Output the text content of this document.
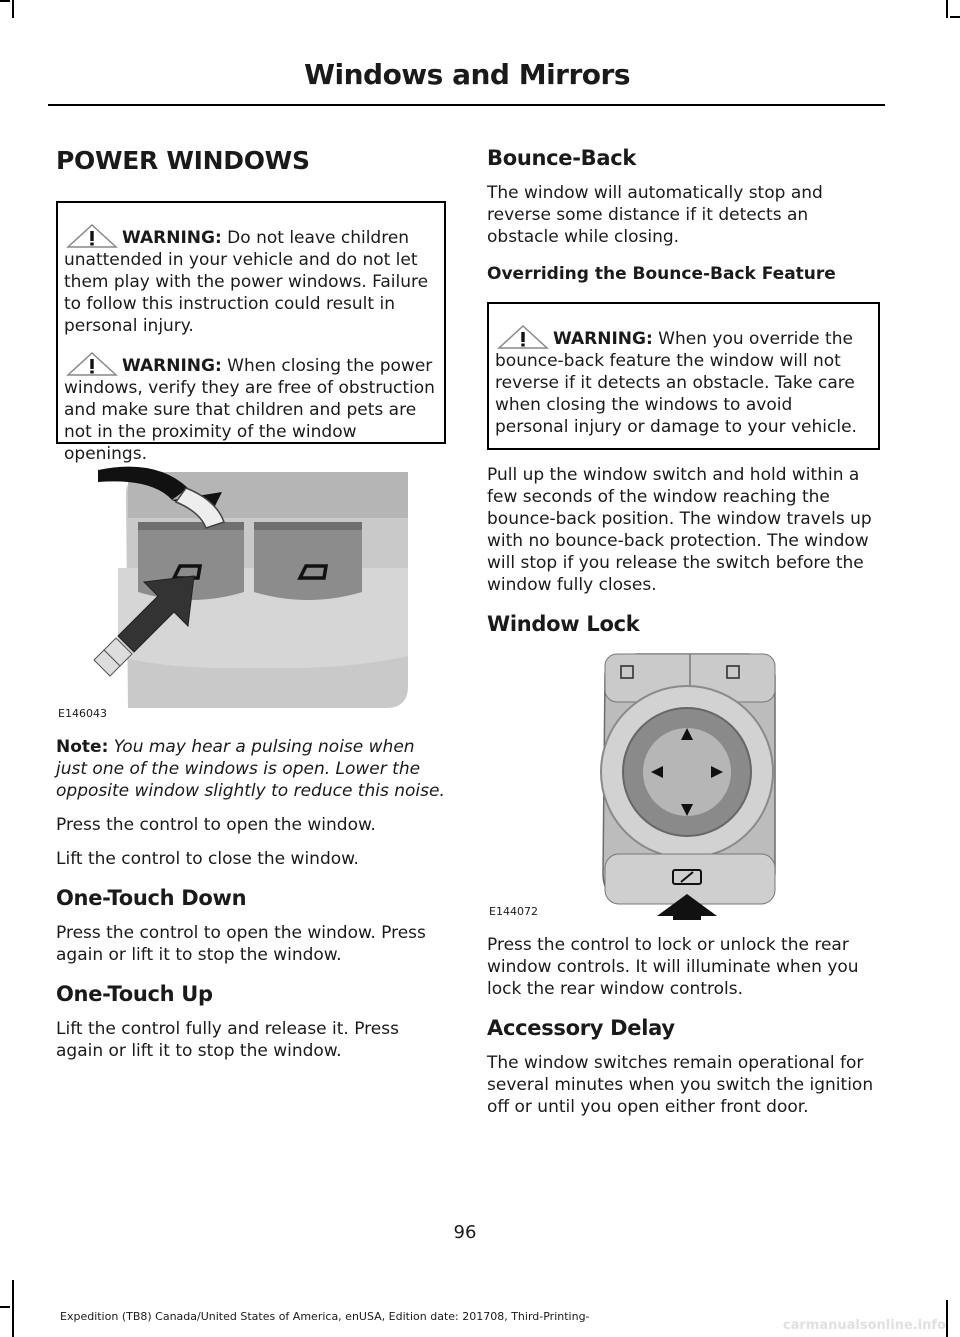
Windows and Mirrors
POWER WINDOWS
WARNING: Do not leave children unattended in your vehicle and do not let them play with the power windows. Failure to follow this instruction could result in personal injury.
WARNING: When closing the power windows, verify they are free of obstruction and make sure that children and pets are not in the proximity of the window openings.
E146043

Note: You may hear a pulsing noise when just one of the windows is open. Lower the opposite window slightly to reduce this noise.

Press the control to open the window.

Lift the control to close the window.

One-Touch Down

Press the control to open the window. Press again or lift it to stop the window.

One-Touch Up

Lift the control fully and release it. Press again or lift it to stop the window.

Bounce-Back

The window will automatically stop and reverse some distance if it detects an obstacle while closing.

Overriding the Bounce-Back Feature
WARNING: When you override the bounce-back feature the window will not reverse if it detects an obstacle. Take care when closing the windows to avoid personal injury or damage to your vehicle.

Pull up the window switch and hold within a few seconds of the window reaching the bounce-back position. The window travels up with no bounce-back protection. The window will stop if you release the switch before the window fully closes.

Window Lock
E144072

Press the control to lock or unlock the rear window controls. It will illuminate when you lock the rear window controls.

Accessory Delay

The window switches remain operational for several minutes when you switch the ignition off or until you open either front door.

96
Expedition (TB8) Canada/United States of America, enUSA, Edition date: 201708, Third-Printing-
carmanualsonline.info
